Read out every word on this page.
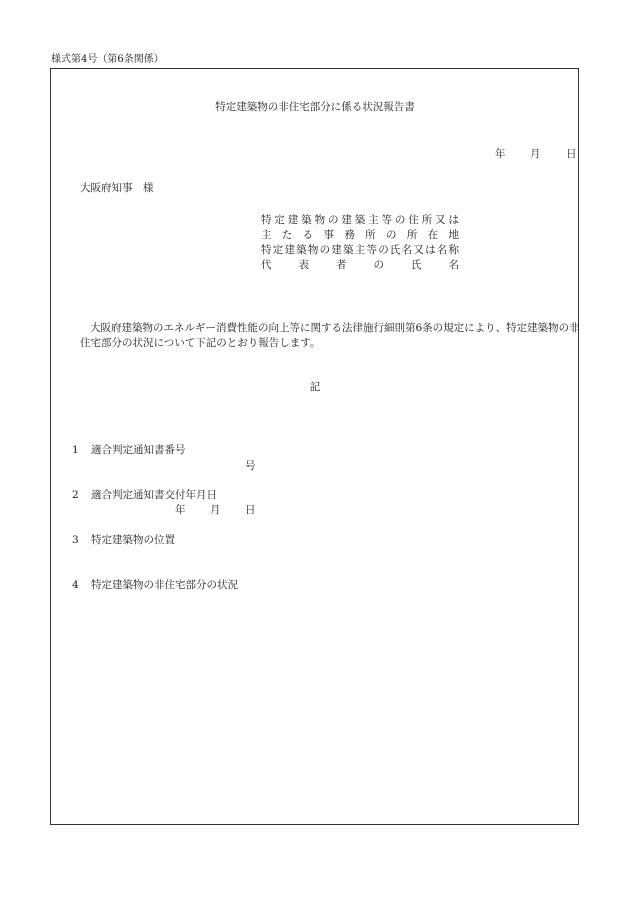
様式第4号（第6条関係）
特定建築物の非住宅部分に係る状況報告書
年 月 日
大阪府知事　様
特 定 建 築 物 の 建 築 主 等 の 住 所 又 は
主 た る 事 務 所 の 所 在 地
特 定 建 築 物 の 建 築 主 等 の 氏 名 又 は 名 称
代	表	者	の	氏	名
大阪府建築物のエネルギー消費性能の向上等に関する法律施行細則第6条の規定により、特定建築物の非住宅部分の状況について下記のとおり報告します。
記
1 適合判定通知書番号
号
2 適合判定通知書交付年月日
年 月 日
3 特定建築物の位置
4 特定建築物の非住宅部分の状況
